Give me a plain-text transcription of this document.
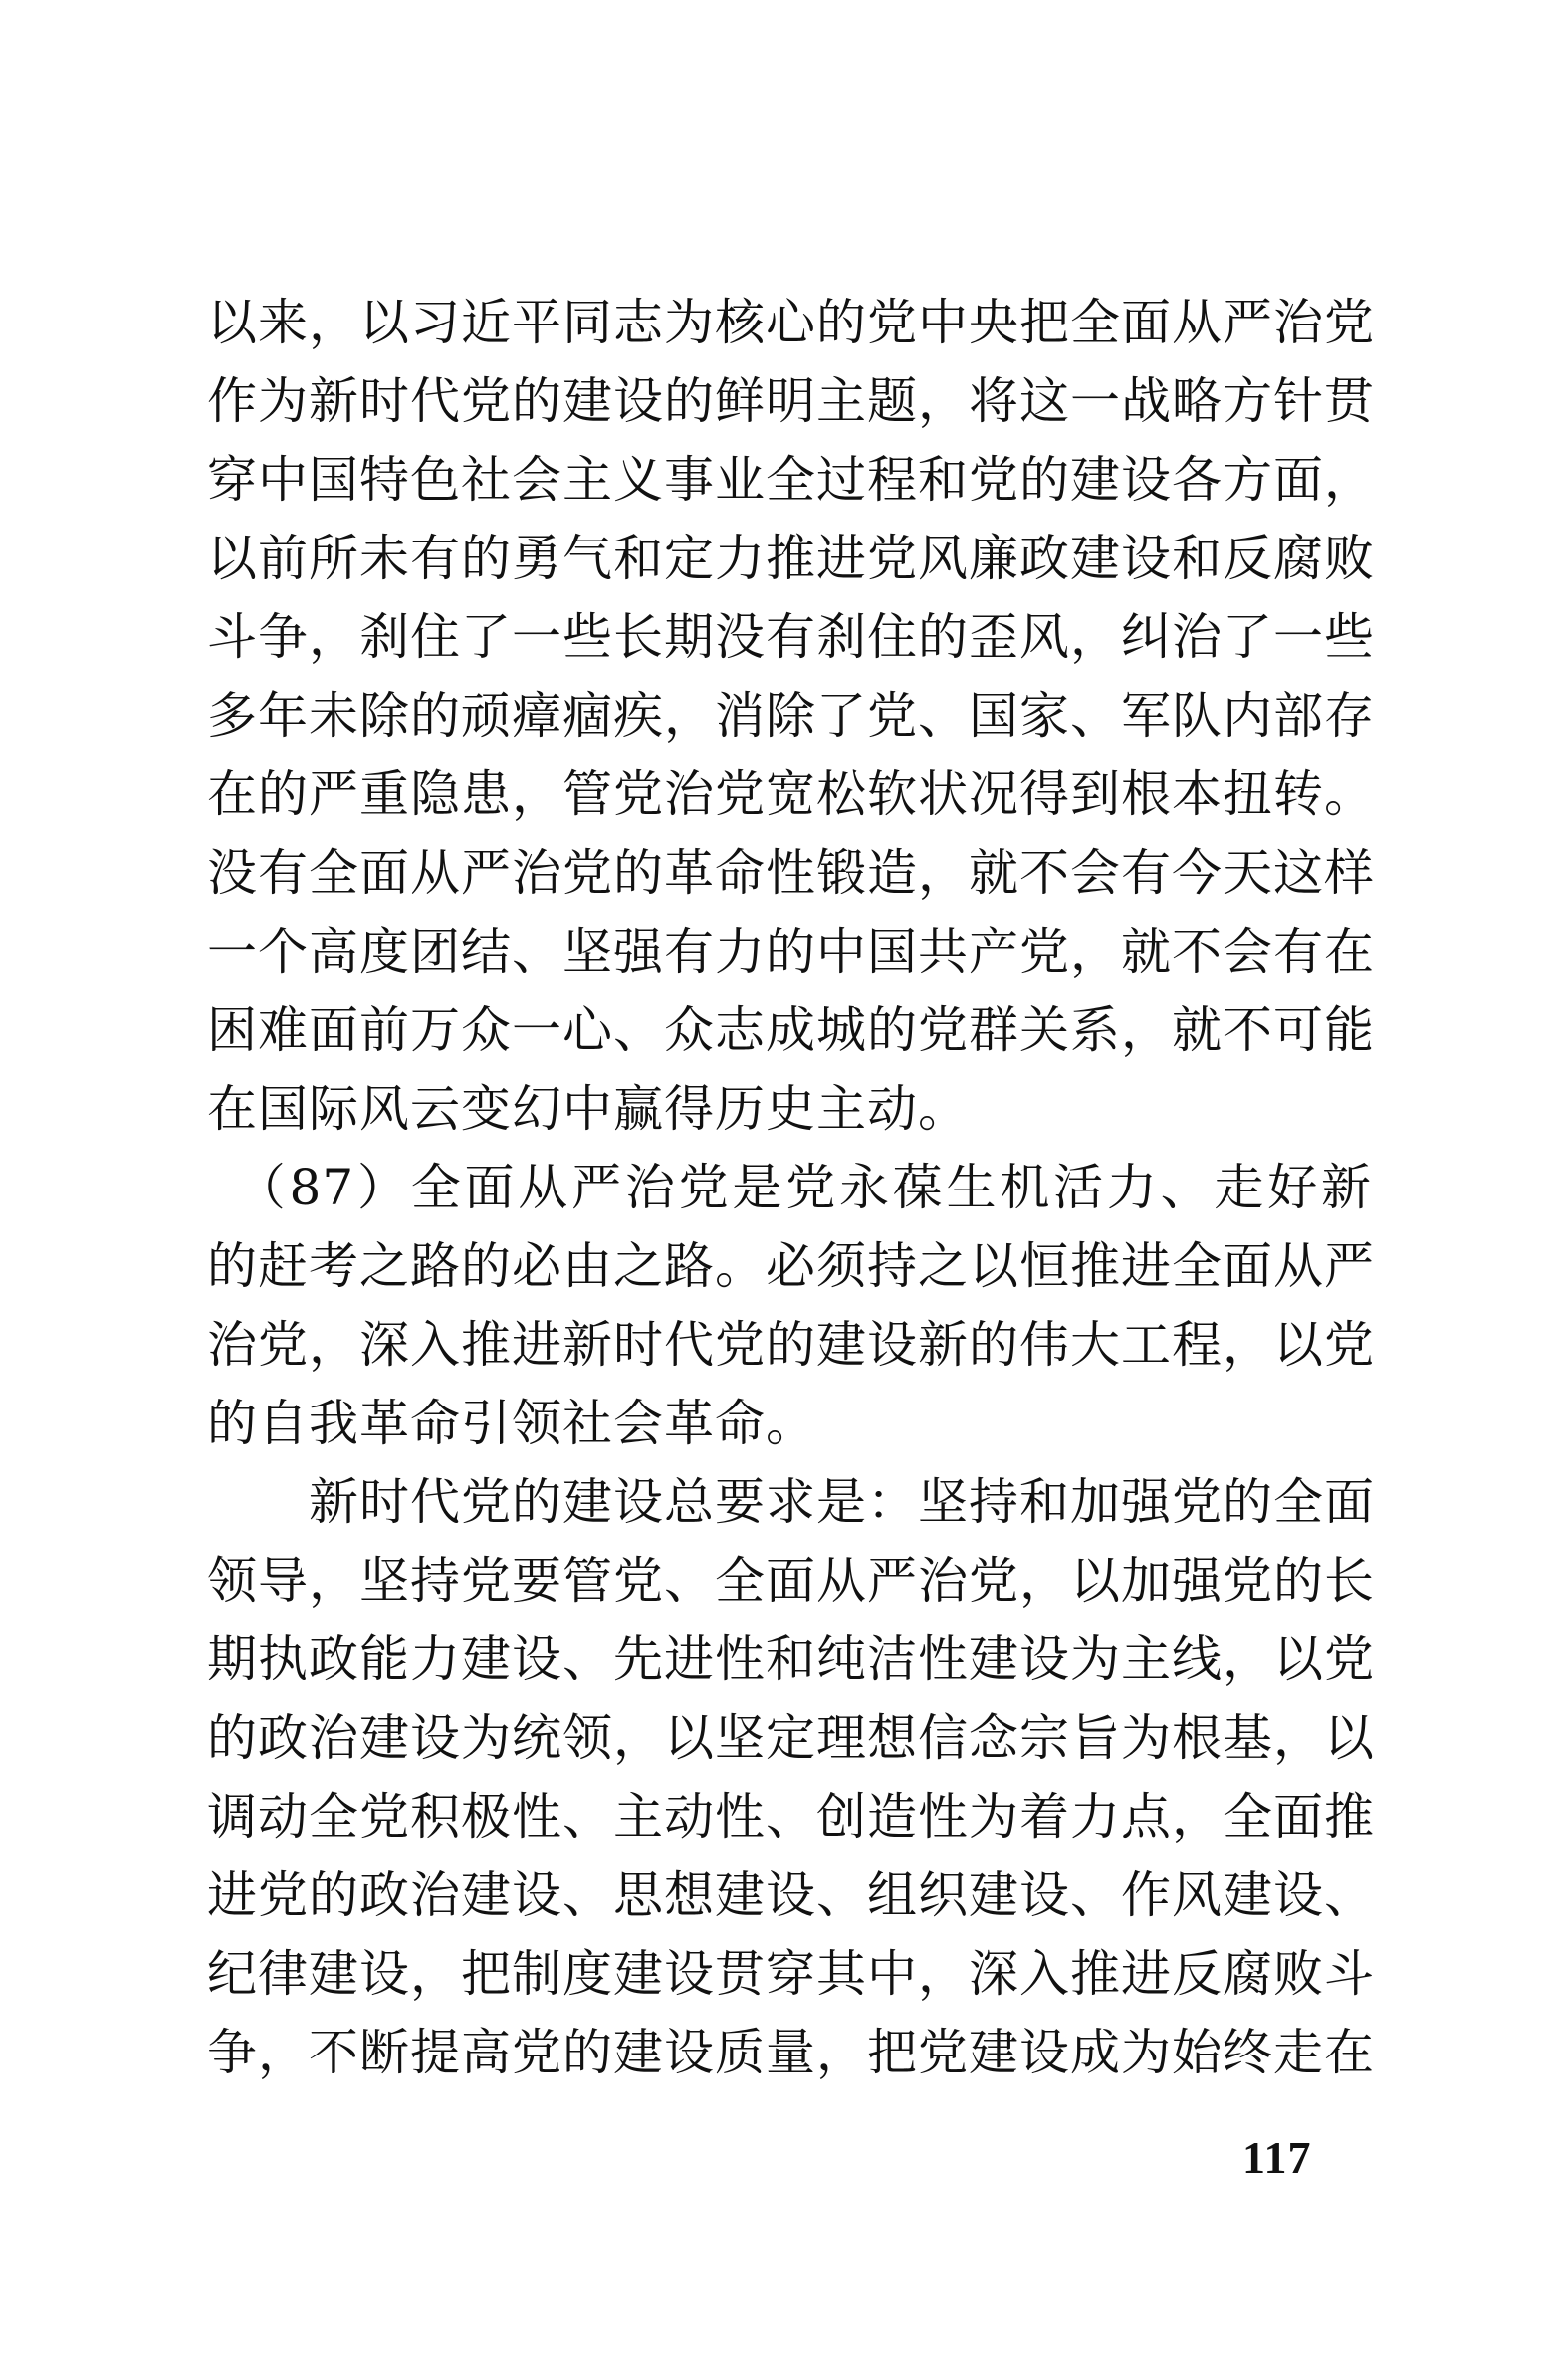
以来，以习近平同志为核心的党中央把全面从严治党
作为新时代党的建设的鲜明主题，将这一战略方针贯
穿中国特色社会主义事业全过程和党的建设各方面，
以前所未有的勇气和定力推进党风廉政建设和反腐败
斗争，刹住了一些长期没有刹住的歪风，纠治了一些
多年未除的顽瘴痼疾，消除了党、国家、军队内部存
在的严重隐患，管党治党宽松软状况得到根本扭转。
没有全面从严治党的革命性锻造，就不会有今天这样
一个高度团结、坚强有力的中国共产党，就不会有在
困难面前万众一心、众志成城的党群关系，就不可能
在国际风云变幻中赢得历史主动。
　（87）全面从严治党是党永葆生机活力、走好新
的赶考之路的必由之路。必须持之以恒推进全面从严
治党，深入推进新时代党的建设新的伟大工程，以党
的自我革命引领社会革命。
　　新时代党的建设总要求是：坚持和加强党的全面
领导，坚持党要管党、全面从严治党，以加强党的长
期执政能力建设、先进性和纯洁性建设为主线，以党
的政治建设为统领，以坚定理想信念宗旨为根基，以
调动全党积极性、主动性、创造性为着力点，全面推
进党的政治建设、思想建设、组织建设、作风建设、
纪律建设，把制度建设贯穿其中，深入推进反腐败斗
争，不断提高党的建设质量，把党建设成为始终走在
117
